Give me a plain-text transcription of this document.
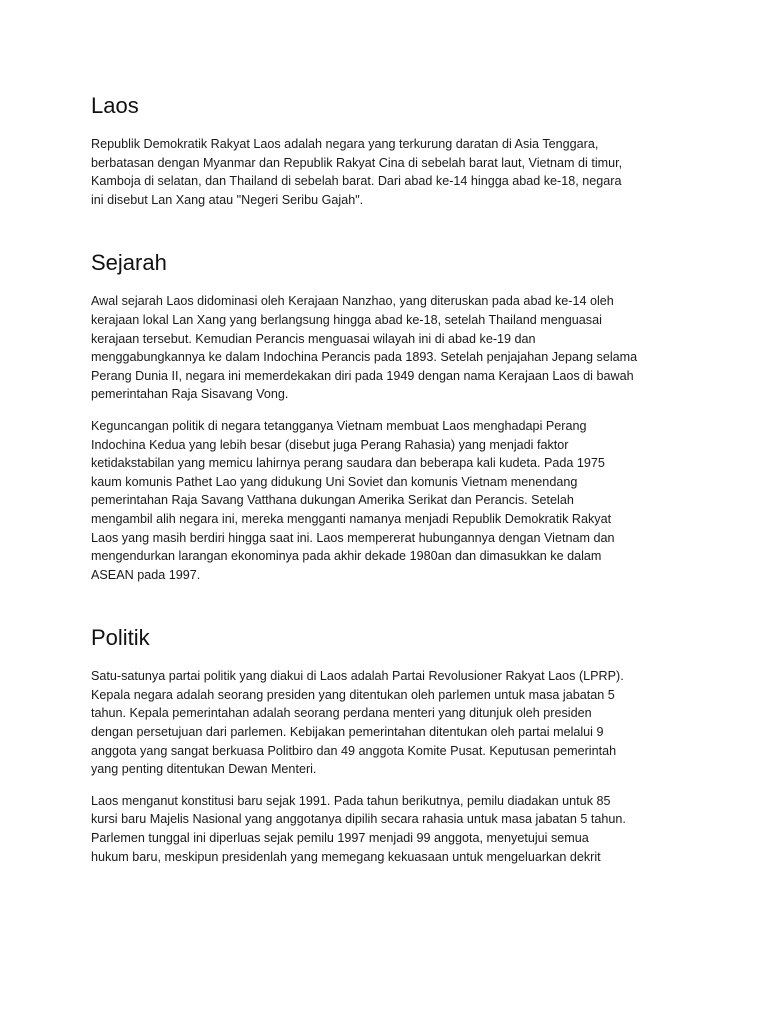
Laos

Republik Demokratik Rakyat Laos adalah negara yang terkurung daratan di Asia Tenggara,
berbatasan dengan Myanmar dan Republik Rakyat Cina di sebelah barat laut, Vietnam di timur,
Kamboja di selatan, dan Thailand di sebelah barat. Dari abad ke-14 hingga abad ke-18, negara
ini disebut Lan Xang atau "Negeri Seribu Gajah".

Sejarah

Awal sejarah Laos didominasi oleh Kerajaan Nanzhao, yang diteruskan pada abad ke-14 oleh
kerajaan lokal Lan Xang yang berlangsung hingga abad ke-18, setelah Thailand menguasai
kerajaan tersebut. Kemudian Perancis menguasai wilayah ini di abad ke-19 dan
menggabungkannya ke dalam Indochina Perancis pada 1893. Setelah penjajahan Jepang selama
Perang Dunia II, negara ini memerdekakan diri pada 1949 dengan nama Kerajaan Laos di bawah
pemerintahan Raja Sisavang Vong.

Keguncangan politik di negara tetangganya Vietnam membuat Laos menghadapi Perang
Indochina Kedua yang lebih besar (disebut juga Perang Rahasia) yang menjadi faktor
ketidakstabilan yang memicu lahirnya perang saudara dan beberapa kali kudeta. Pada 1975
kaum komunis Pathet Lao yang didukung Uni Soviet dan komunis Vietnam menendang
pemerintahan Raja Savang Vatthana dukungan Amerika Serikat dan Perancis. Setelah
mengambil alih negara ini, mereka mengganti namanya menjadi Republik Demokratik Rakyat
Laos yang masih berdiri hingga saat ini. Laos mempererat hubungannya dengan Vietnam dan
mengendurkan larangan ekonominya pada akhir dekade 1980an dan dimasukkan ke dalam
ASEAN pada 1997.

Politik

Satu-satunya partai politik yang diakui di Laos adalah Partai Revolusioner Rakyat Laos (LPRP).
Kepala negara adalah seorang presiden yang ditentukan oleh parlemen untuk masa jabatan 5
tahun. Kepala pemerintahan adalah seorang perdana menteri yang ditunjuk oleh presiden
dengan persetujuan dari parlemen. Kebijakan pemerintahan ditentukan oleh partai melalui 9
anggota yang sangat berkuasa Politbiro dan 49 anggota Komite Pusat. Keputusan pemerintah
yang penting ditentukan Dewan Menteri.

Laos menganut konstitusi baru sejak 1991. Pada tahun berikutnya, pemilu diadakan untuk 85
kursi baru Majelis Nasional yang anggotanya dipilih secara rahasia untuk masa jabatan 5 tahun.
Parlemen tunggal ini diperluas sejak pemilu 1997 menjadi 99 anggota, menyetujui semua
hukum baru, meskipun presidenlah yang memegang kekuasaan untuk mengeluarkan dekrit
